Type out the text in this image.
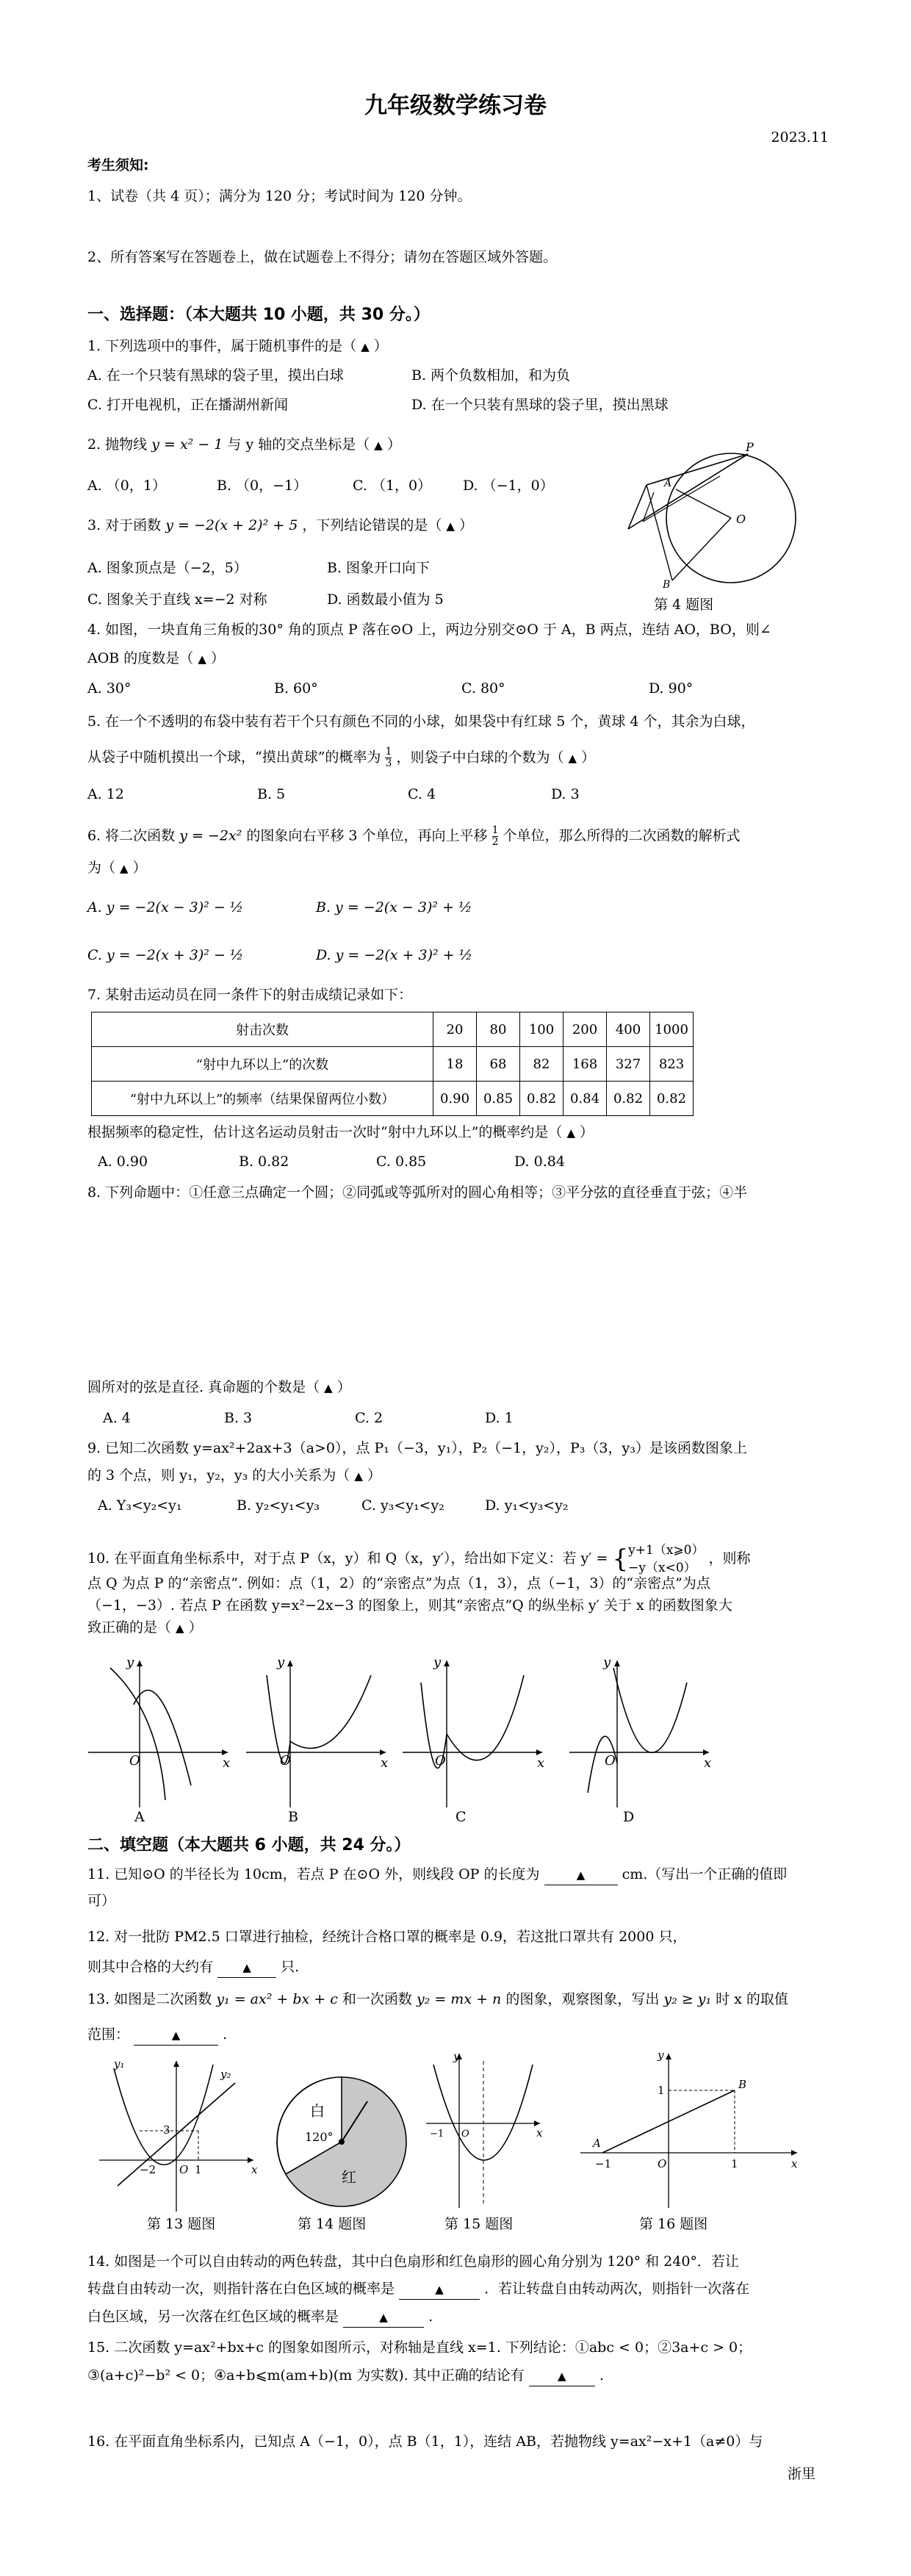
九年级数学练习卷
2023.11
考生须知:
1、试卷（共 4 页）；满分为 120 分；考试时间为 120 分钟。
2、所有答案写在答题卷上，做在试题卷上不得分；请勿在答题区域外答题。
一、选择题：（本大题共 10 小题，共 30 分。）
1. 下列选项中的事件，属于随机事件的是（ ▲ ）
A. 在一个只装有黑球的袋子里，摸出白球	B. 两个负数相加，和为负
C. 打开电视机，正在播湖州新闻	D. 在一个只装有黑球的袋子里，摸出黑球
2. 抛物线 y = x² − 1 与 y 轴的交点坐标是（ ▲ ）
A. （0，1）	B. （0，−1）	C. （1，0） D. （−1，0）
3. 对于函数 y = −2(x + 2)² + 5 ，下列结论错误的是（ ▲ ）
A. 图象顶点是（−2，5）	B. 图象开口向下
C. 图象关于直线 x=−2 对称	D. 函数最小值为 5
P
A
O
B
第 4 题图
4. 如图，一块直角三角板的30° 角的顶点 P 落在⊙O 上，两边分别交⊙O 于 A，B 两点，连结 AO，BO，则∠
AOB 的度数是（ ▲ ）
A. 30°	B. 60°	C. 80°	D. 90°
5. 在一个不透明的布袋中装有若干个只有颜色不同的小球，如果袋中有红球 5 个，黄球 4 个，其余为白球，
从袋子中随机摸出一个球，“摸出黄球”的概率为 $\frac{1}{3}$ ，则袋子中白球的个数为（ ▲ ）
A. 12	B. 5	C. 4	D. 3
6. 将二次函数 y = −2x² 的图象向右平移 3 个单位，再向上平移 $\frac{1}{2}$ 个单位，那么所得的二次函数的解析式
为（ ▲ ）
A. y = −2(x − 3)² − ½	B. y = −2(x − 3)² + ½
C. y = −2(x + 3)² − ½	D. y = −2(x + 3)² + ½
7. 某射击运动员在同一条件下的射击成绩记录如下：
射击次数	20	80	100	200	400	1000
“射中九环以上”的次数	18	68	82	168	327	823
“射中九环以上”的频率（结果保留两位小数）	0.90	0.85	0.82	0.84	0.82	0.82
根据频率的稳定性，估计这名运动员射击一次时“射中九环以上”的概率约是（ ▲ ）
A. 0.90	B. 0.82	C. 0.85	D. 0.84
8. 下列命题中：①任意三点确定一个圆；②同弧或等弧所对的圆心角相等；③平分弦的直径垂直于弦；④半
圆所对的弦是直径. 真命题的个数是（ ▲ ）
A. 4	B. 3	C. 2	D. 1
9. 已知二次函数 y=ax²+2ax+3（a>0），点 P₁（−3，y₁），P₂（−1，y₂），P₃（3，y₃）是该函数图象上
的 3 个点，则 y₁，y₂，y₃ 的大小关系为（ ▲ ）
A. Y₃<y₂<y₁	B. y₂<y₁<y₃	C. y₃<y₁<y₂	D. y₁<y₃<y₂
10. 在平面直角坐标系中，对于点 P（x，y）和 Q（x，y′），给出如下定义：若 y′ = { y+1（x⩾0）
−y（x<0）
，则称
点 Q 为点 P 的“亲密点”. 例如：点（1，2）的“亲密点”为点（1，3），点（−1，3）的“亲密点”为点
（−1，−3）. 若点 P 在函数 y=x²−2x−3 的图象上，则其“亲密点”Q 的纵坐标 y′ 关于 x 的函数图象大
致正确的是（ ▲ ）
O	x
y
O	x
y
O	x
y
O	x
y
A	B	C	D
二、填空题（本大题共 6 小题，共 24 分。）
11. 已知⊙O 的半径长为 10cm，若点 P 在⊙O 外，则线段 OP 的长度为	▲	cm.（写出一个正确的值即
可）
12. 对一批防 PM2.5 口罩进行抽检，经统计合格口罩的概率是 0.9，若这批口罩共有 2000 只，
则其中合格的大约有	▲ 只.
13. 如图是二次函数 y₁ = ax² + bx + c 和一次函数 y₂ = mx + n 的图象，观察图象，写出 y₂ ≥ y₁ 时 x 的取值
范围：	▲	.
y₁
y₂
3
−2 O 1	x
第 13 题图
白
120°
红
第 14 题图
y
x
O
−1
第 15 题图
y
B
1
A
−1	O	1	x
第 16 题图
14. 如图是一个可以自由转动的两色转盘，其中白色扇形和红色扇形的圆心角分别为 120° 和 240°．若让
转盘自由转动一次，则指针落在白色区域的概率是	▲	．若让转盘自由转动两次，则指针一次落在
白色区域，另一次落在红色区域的概率是	▲	.
15. 二次函数 y=ax²+bx+c 的图象如图所示，对称轴是直线 x=1. 下列结论：①abc < 0；②3a+c > 0；
③(a+c)²−b² < 0；④a+b⩽m(am+b)(m 为实数). 其中正确的结论有	▲ .
16. 在平面直角坐标系内，已知点 A（−1，0），点 B（1，1），连结 AB，若抛物线 y=ax²−x+1（a≠0）与
浙里
